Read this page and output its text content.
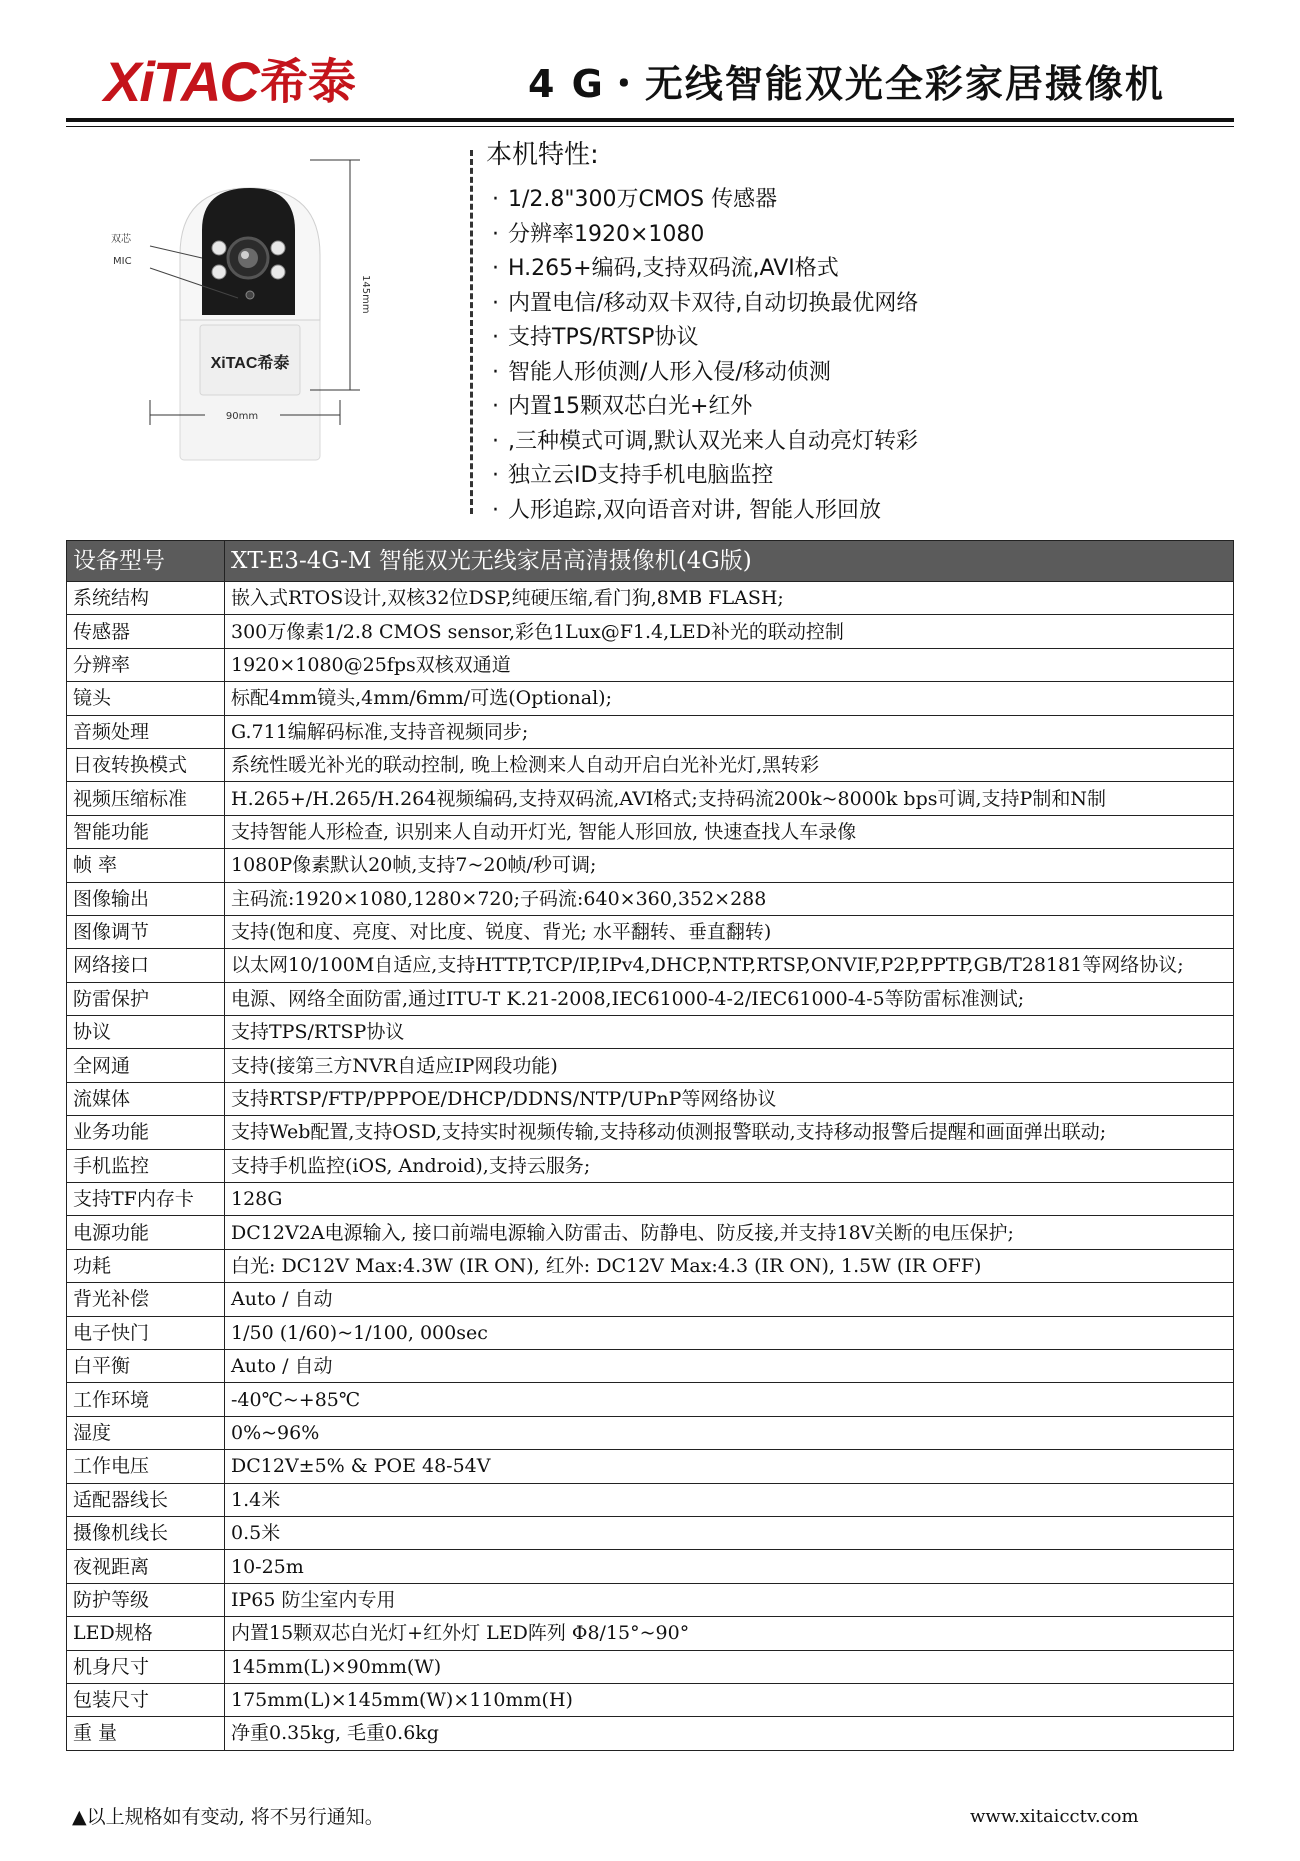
XiTAC 希泰	4 G・无线智能双光全彩家居摄像机
双芯
MIC
XiTAC希泰
145mm
90mm
本机特性:
· 1/2.8"300万CMOS 传感器
· 分辨率1920×1080
· H.265+编码,支持双码流,AVI格式
· 内置电信/移动双卡双待,自动切换最优网络
· 支持TPS/RTSP协议
· 智能人形侦测/人形入侵/移动侦测
· 内置15颗双芯白光+红外
· ,三种模式可调,默认双光来人自动亮灯转彩
· 独立云ID支持手机电脑监控
· 人形追踪,双向语音对讲, 智能人形回放
设备型号	XT-E3-4G-M 智能双光无线家居高清摄像机(4G版)
系统结构	嵌入式RTOS设计,双核32位DSP,纯硬压缩,看门狗,8MB FLASH;
传感器	300万像素1/2.8 CMOS sensor,彩色1Lux@F1.4,LED补光的联动控制
分辨率	1920×1080@25fps双核双通道
镜头	标配4mm镜头,4mm/6mm/可选(Optional);
音频处理	G.711编解码标准,支持音视频同步;
日夜转换模式	系统性暖光补光的联动控制, 晚上检测来人自动开启白光补光灯,黑转彩
视频压缩标准	H.265+/H.265/H.264视频编码,支持双码流,AVI格式;支持码流200k~8000k bps可调,支持P制和N制
智能功能	支持智能人形检查, 识别来人自动开灯光, 智能人形回放, 快速查找人车录像
帧 率	1080P像素默认20帧,支持7~20帧/秒可调;
图像输出	主码流:1920×1080,1280×720;子码流:640×360,352×288
图像调节	支持(饱和度、亮度、对比度、锐度、背光; 水平翻转、垂直翻转)
网络接口	以太网10/100M自适应,支持HTTP,TCP/IP,IPv4,DHCP,NTP,RTSP,ONVIF,P2P,PPTP,GB/T28181等网络协议;
防雷保护	电源、网络全面防雷,通过ITU-T K.21-2008,IEC61000-4-2/IEC61000-4-5等防雷标准测试;
协议	支持TPS/RTSP协议
全网通	支持(接第三方NVR自适应IP网段功能)
流媒体	支持RTSP/FTP/PPPOE/DHCP/DDNS/NTP/UPnP等网络协议
业务功能	支持Web配置,支持OSD,支持实时视频传输,支持移动侦测报警联动,支持移动报警后提醒和画面弹出联动;
手机监控	支持手机监控(iOS, Android),支持云服务;
支持TF内存卡	128G
电源功能	DC12V2A电源输入, 接口前端电源输入防雷击、防静电、防反接,并支持18V关断的电压保护;
功耗	白光: DC12V Max:4.3W (IR ON), 红外: DC12V Max:4.3 (IR ON), 1.5W (IR OFF)
背光补偿	Auto / 自动
电子快门	1/50 (1/60)~1/100, 000sec
白平衡	Auto / 自动
工作环境	-40℃~+85℃
湿度	0%~96%
工作电压	DC12V±5% & POE 48-54V
适配器线长	1.4米
摄像机线长	0.5米
夜视距离	10-25m
防护等级	IP65 防尘室内专用
LED规格	内置15颗双芯白光灯+红外灯 LED阵列 Φ8/15°~90°
机身尺寸	145mm(L)×90mm(W)
包装尺寸	175mm(L)×145mm(W)×110mm(H)
重 量	净重0.35kg, 毛重0.6kg
▲以上规格如有变动, 将不另行通知。	www.xitaicctv.com
